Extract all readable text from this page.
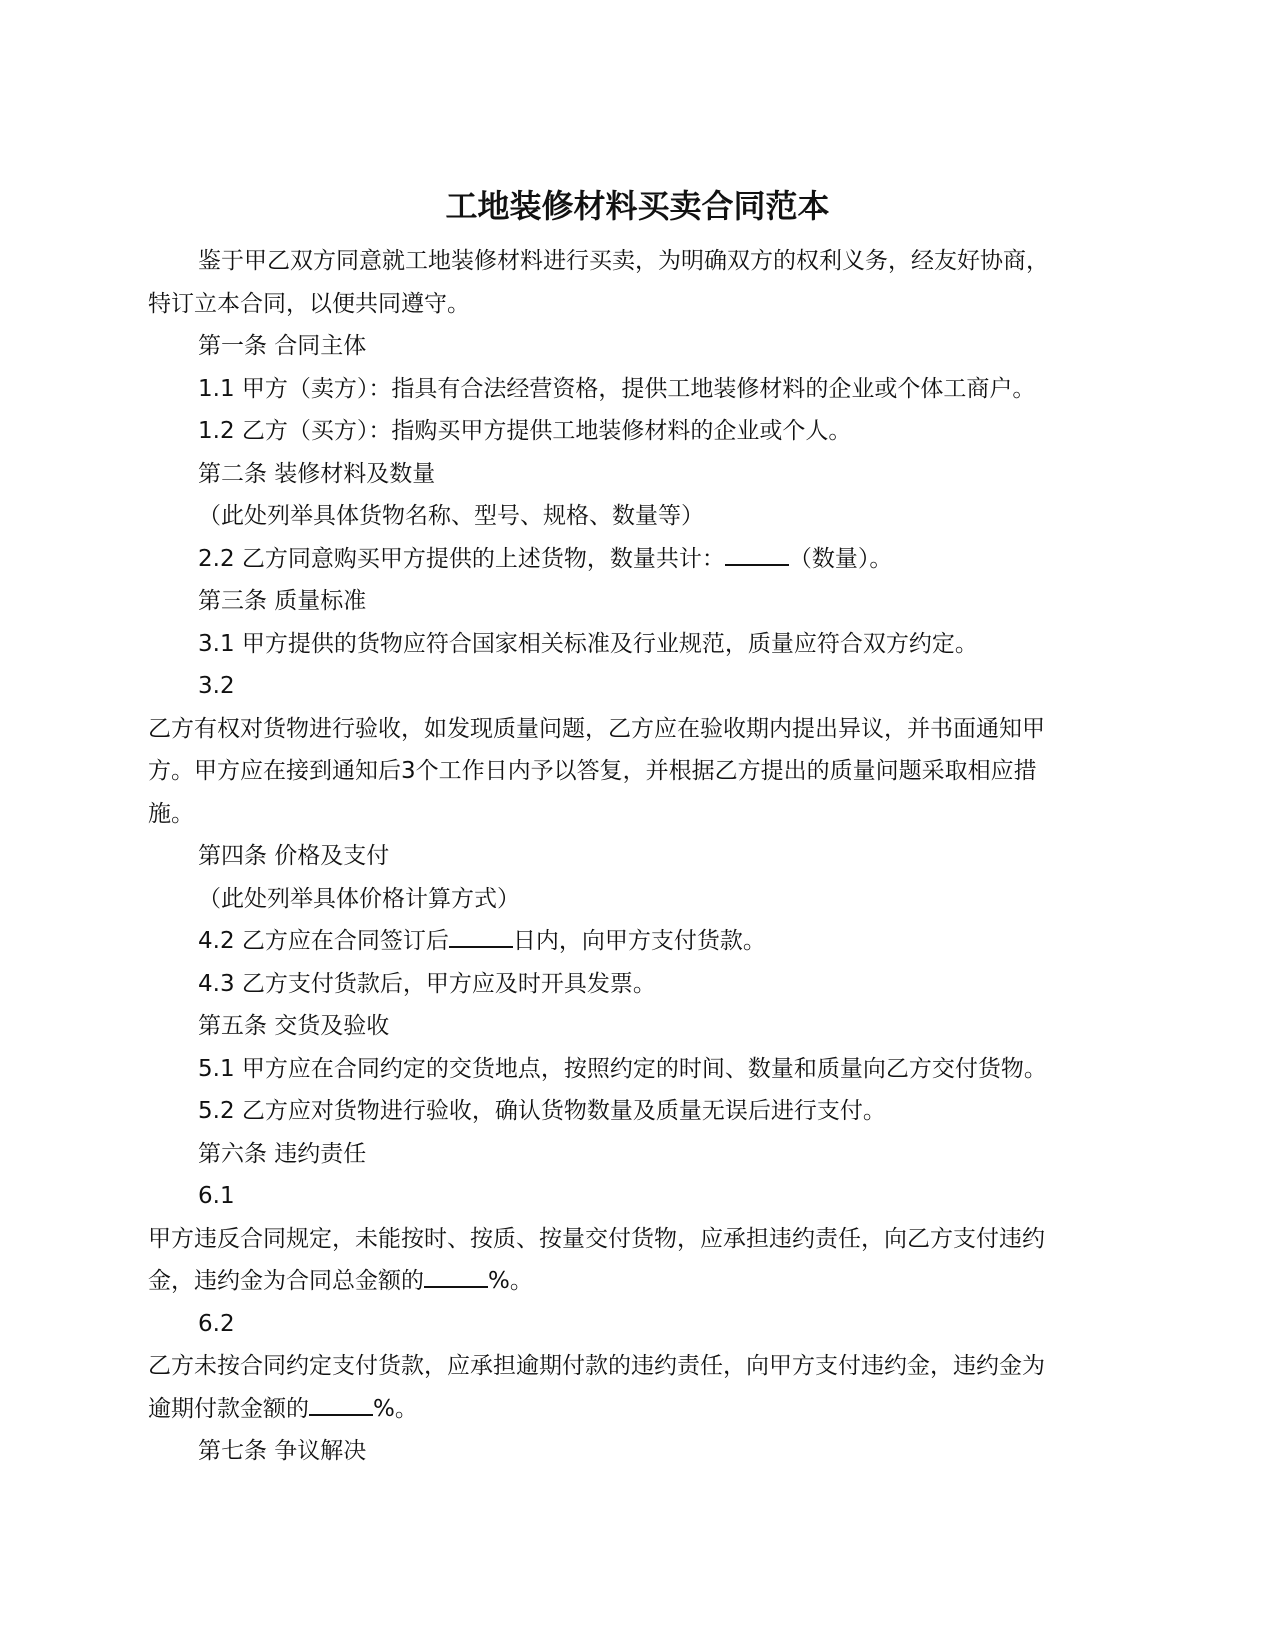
工地装修材料买卖合同范本

鉴于甲乙双方同意就工地装修材料进行买卖，为明确双方的权利义务，经友好协商，

特订立本合同，以便共同遵守。

第一条 合同主体

1.1 甲方（卖方）：指具有合法经营资格，提供工地装修材料的企业或个体工商户。

1.2 乙方（买方）：指购买甲方提供工地装修材料的企业或个人。

第二条 装修材料及数量

（此处列举具体货物名称、型号、规格、数量等）

2.2 乙方同意购买甲方提供的上述货物，数量共计：	（数量）。

第三条 质量标准

3.1 甲方提供的货物应符合国家相关标准及行业规范，质量应符合双方约定。

3.2

乙方有权对货物进行验收，如发现质量问题，乙方应在验收期内提出异议，并书面通知甲

方。甲方应在接到通知后3个工作日内予以答复，并根据乙方提出的质量问题采取相应措

施。

第四条 价格及支付

（此处列举具体价格计算方式）

4.2 乙方应在合同签订后	日内，向甲方支付货款。

4.3 乙方支付货款后，甲方应及时开具发票。

第五条 交货及验收

5.1 甲方应在合同约定的交货地点，按照约定的时间、数量和质量向乙方交付货物。

5.2 乙方应对货物进行验收，确认货物数量及质量无误后进行支付。

第六条 违约责任

6.1

甲方违反合同规定，未能按时、按质、按量交付货物，应承担违约责任，向乙方支付违约

金，违约金为合同总金额的	%。

6.2

乙方未按合同约定支付货款，应承担逾期付款的违约责任，向甲方支付违约金，违约金为

逾期付款金额的	%。

第七条 争议解决
